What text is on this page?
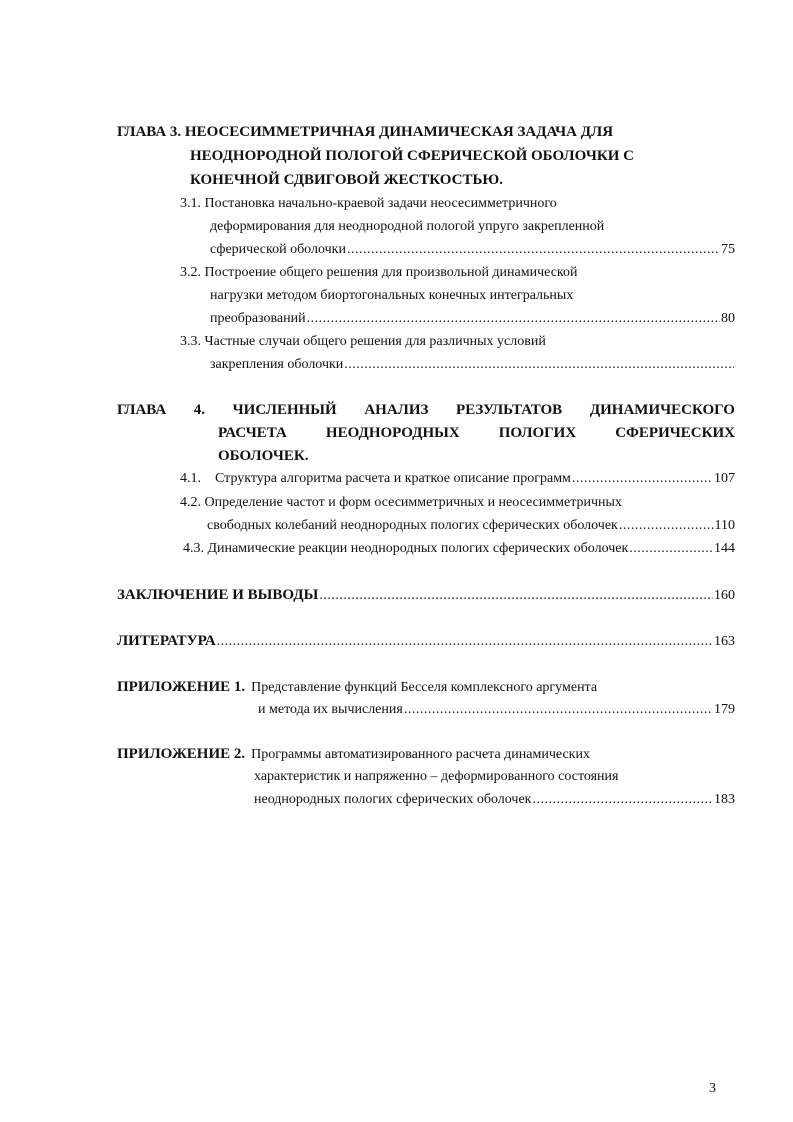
ГЛАВА 3. НЕОСЕСИММЕТРИЧНАЯ ДИНАМИЧЕСКАЯ ЗАДАЧА ДЛЯ
НЕОДНОРОДНОЙ ПОЛОГОЙ СФЕРИЧЕСКОЙ ОБОЛОЧКИ С
КОНЕЧНОЙ СДВИГОВОЙ ЖЕСТКОСТЬЮ.
3.1. Постановка начально-краевой задачи неосесимметричного
деформирования для неоднородной пологой упруго закрепленной
сферической оболочки .....	75
3.2. Построение общего решения для произвольной динамической
нагрузки методом биортогональных конечных интегральных
преобразований .....	80
3.3. Частные случаи общего решения для различных условий
закрепления оболочки
.....
ГЛАВА 4. ЧИСЛЕННЫЙ АНАЛИЗ РЕЗУЛЬТАТОВ ДИНАМИЧЕСКОГО
РАСЧЕТА	НЕОДНОРОДНЫХ	ПОЛОГИХ	СФЕРИЧЕСКИХ
ОБОЛОЧЕК.
4.1. Структура алгоритма расчета и краткое описание программ .....	107
4.2. Определение частот и форм осесимметричных и неосесимметричных
свободных колебаний неоднородных пологих сферических оболочек .....	110
4.3. Динамические реакции неоднородных пологих сферических оболочек .....	144
ЗАКЛЮЧЕНИЕ И ВЫВОДЫ .....	160
ЛИТЕРАТУРА .....	163
ПРИЛОЖЕНИЕ 1. Представление функций Бесселя комплексного аргумента
и метода их вычисления .....	179
ПРИЛОЖЕНИЕ 2. Программы автоматизированного расчета динамических
характеристик и напряженно – деформированного состояния
неоднородных пологих сферических оболочек .....	183
3
